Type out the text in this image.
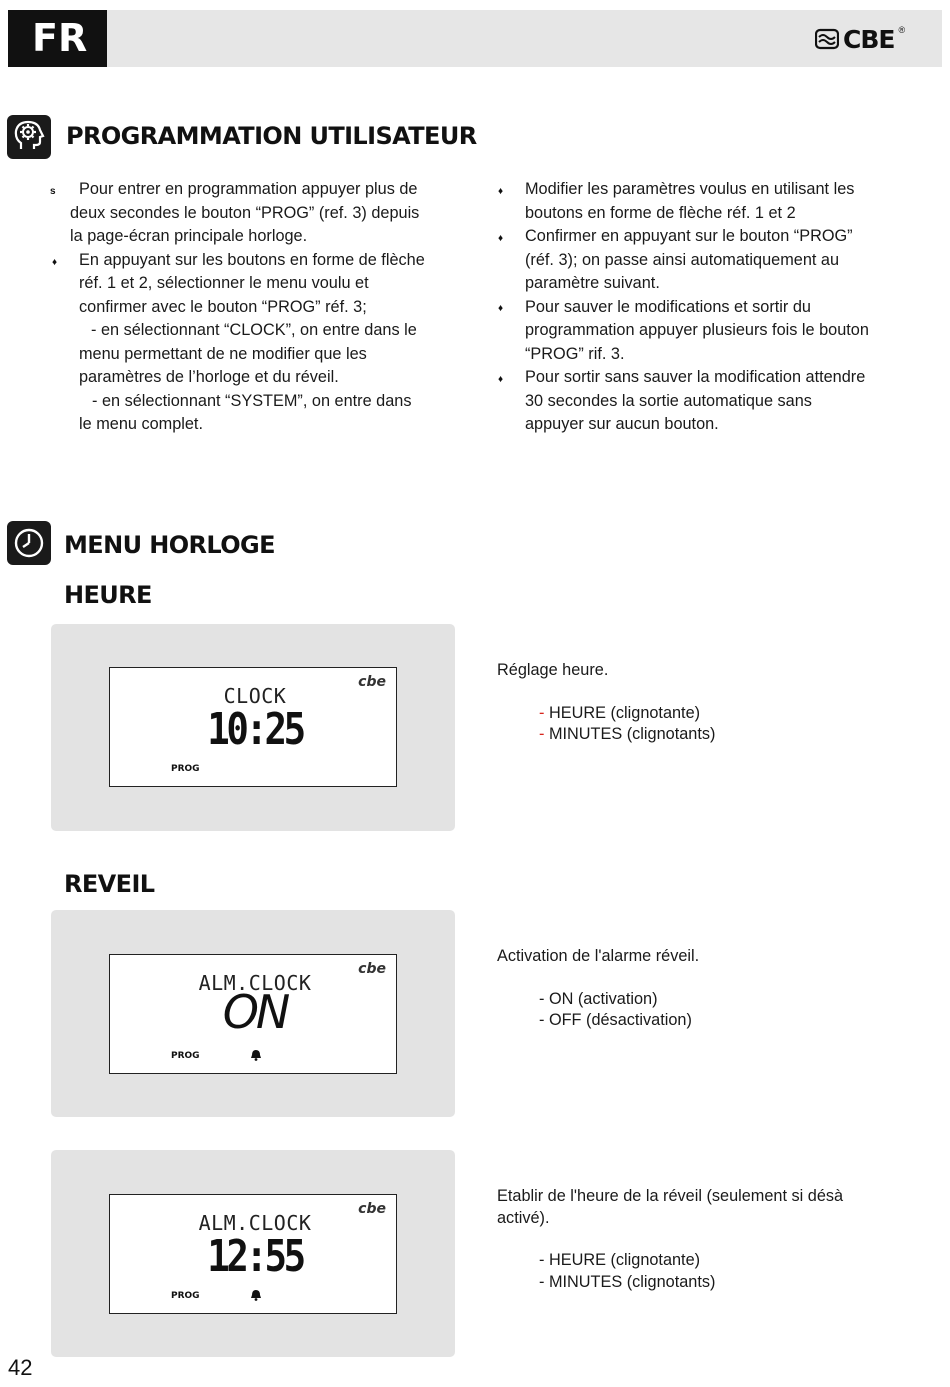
FR	CBE ®
PROGRAMMATION UTILISATEUR
s
♦

Pour entrer en programmation appuyer plus de

deux secondes le bouton “PROG” (ref. 3) depuis

la page-écran principale horloge.

En appuyant sur les boutons en forme de flèche

réf. 1 et 2, sélectionner le menu voulu et

confirmer avec le bouton “PROG” réf. 3;

- en sélectionnant “CLOCK”, on entre dans le

menu permettant de ne modifier que les

paramètres de l’horloge et du réveil.

- en sélectionnant “SYSTEM”, on entre dans

le menu complet.

♦
♦
♦
♦

Modifier les paramètres voulus en utilisant les

boutons en forme de flèche réf. 1 et 2

Confirmer en appuyant sur le bouton “PROG”

(réf. 3); on passe ainsi automatiquement au

paramètre suivant.

Pour sauver le modifications et sortir du

programmation appuyer plusieurs fois le bouton

“PROG” rif. 3.

Pour sortir sans sauver la modification attendre

30 secondes la sortie automatique sans

appuyer sur aucun bouton.

MENU HORLOGE
HEURE
REVEIL
cbe
CLOCK
10:25
PROG
Réglage heure.
- HEURE (clignotante)
- MINUTES (clignotants)
cbe
ALM.CLOCK
ON
PROG
Activation de l'alarme réveil.
- ON (activation)
- OFF (désactivation)
cbe
ALM.CLOCK
12:55
PROG
Etablir de l'heure de la réveil (seulement si désà
activé).
- HEURE (clignotante)
- MINUTES (clignotants)
42
